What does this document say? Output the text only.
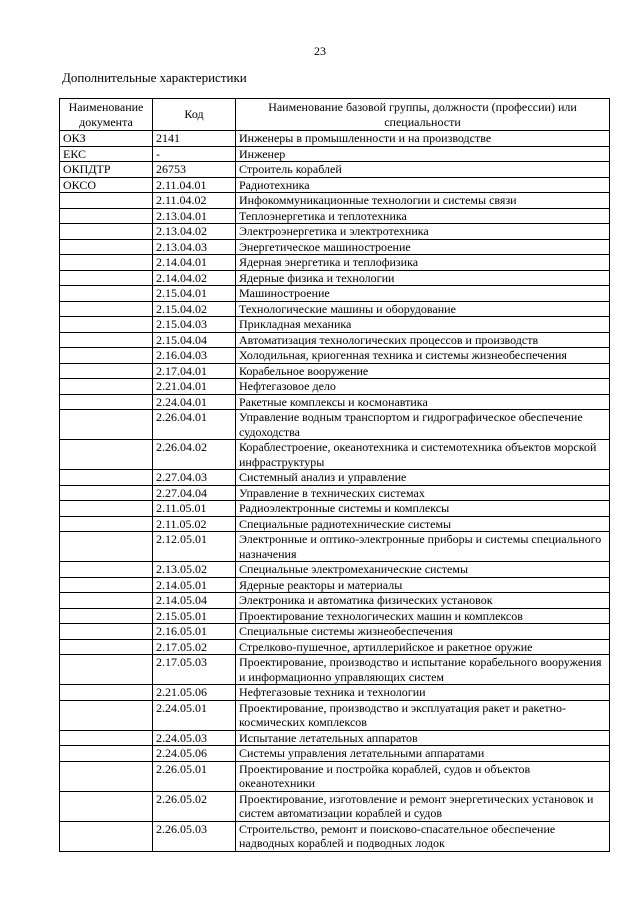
23
Дополнительные характеристики
Наименование документа	Код	Наименование базовой группы, должности (профессии) или специальности
ОКЗ	2141	Инженеры в промышленности и на производстве
ЕКС	-	Инженер
ОКПДТР	26753	Строитель кораблей
ОКСО	2.11.04.01	Радиотехника
	2.11.04.02	Инфокоммуникационные технологии и системы связи
	2.13.04.01	Теплоэнергетика и теплотехника
	2.13.04.02	Электроэнергетика и электротехника
	2.13.04.03	Энергетическое машиностроение
	2.14.04.01	Ядерная энергетика и теплофизика
	2.14.04.02	Ядерные физика и технологии
	2.15.04.01	Машиностроение
	2.15.04.02	Технологические машины и оборудование
	2.15.04.03	Прикладная механика
	2.15.04.04	Автоматизация технологических процессов и производств
	2.16.04.03	Холодильная, криогенная техника и системы жизнеобеспечения
	2.17.04.01	Корабельное вооружение
	2.21.04.01	Нефтегазовое дело
	2.24.04.01	Ракетные комплексы и космонавтика
	2.26.04.01	Управление водным транспортом и гидрографическое обеспечение судоходства
	2.26.04.02	Кораблестроение, океанотехника и системотехника объектов морской инфраструктуры
	2.27.04.03	Системный анализ и управление
	2.27.04.04	Управление в технических системах
	2.11.05.01	Радиоэлектронные системы и комплексы
	2.11.05.02	Специальные радиотехнические системы
	2.12.05.01	Электронные и оптико-электронные приборы и системы специального назначения
	2.13.05.02	Специальные электромеханические системы
	2.14.05.01	Ядерные реакторы и материалы
	2.14.05.04	Электроника и автоматика физических установок
	2.15.05.01	Проектирование технологических машин и комплексов
	2.16.05.01	Специальные системы жизнеобеспечения
	2.17.05.02	Стрелково-пушечное, артиллерийское и ракетное оружие
	2.17.05.03	Проектирование, производство и испытание корабельного вооружения и информационно управляющих систем
	2.21.05.06	Нефтегазовые техника и технологии
	2.24.05.01	Проектирование, производство и эксплуатация ракет и ракетно-космических комплексов
	2.24.05.03	Испытание летательных аппаратов
	2.24.05.06	Системы управления летательными аппаратами
	2.26.05.01	Проектирование и постройка кораблей, судов и объектов океанотехники
	2.26.05.02	Проектирование, изготовление и ремонт энергетических установок и систем автоматизации кораблей и судов
	2.26.05.03	Строительство, ремонт и поисково-спасательное обеспечение надводных кораблей и подводных лодок
